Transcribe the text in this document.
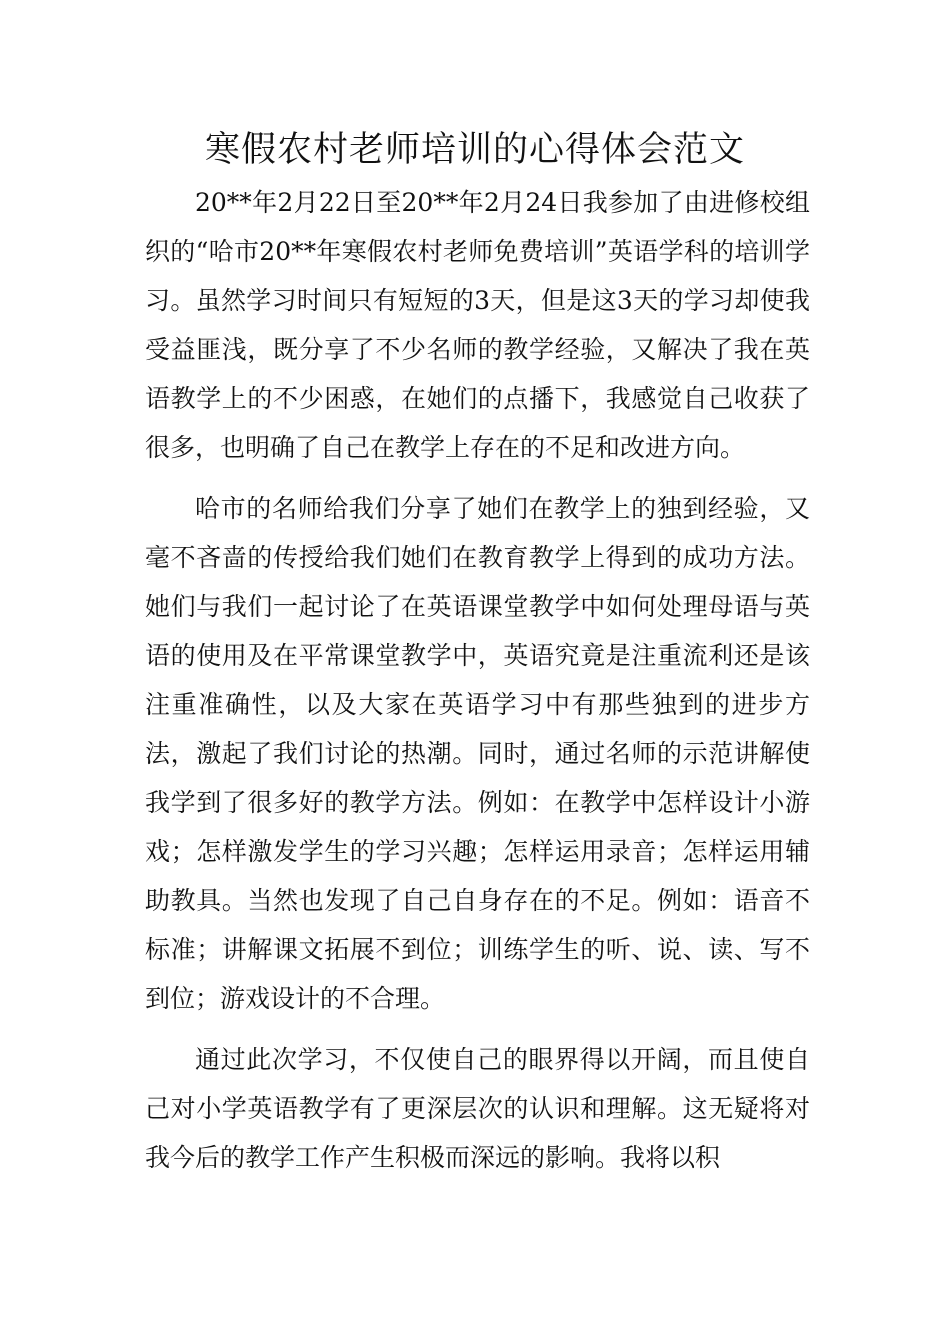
寒假农村老师培训的心得体会范文

20**年2月22日至20**年2月24日我参加了由进修校组织的“哈市20**年寒假农村老师免费培训”英语学科的培训学习。虽然学习时间只有短短的3天，但是这3天的学习却使我受益匪浅，既分享了不少名师的教学经验，又解决了我在英语教学上的不少困惑，在她们的点播下，我感觉自己收获了很多，也明确了自己在教学上存在的不足和改进方向。

哈市的名师给我们分享了她们在教学上的独到经验，又毫不吝啬的传授给我们她们在教育教学上得到的成功方法。她们与我们一起讨论了在英语课堂教学中如何处理母语与英语的使用及在平常课堂教学中，英语究竟是注重流利还是该注重准确性，以及大家在英语学习中有那些独到的进步方法，激起了我们讨论的热潮。同时，通过名师的示范讲解使我学到了很多好的教学方法。例如：在教学中怎样设计小游戏；怎样激发学生的学习兴趣；怎样运用录音；怎样运用辅助教具。当然也发现了自己自身存在的不足。例如：语音不标准；讲解课文拓展不到位；训练学生的听、说、读、写不到位；游戏设计的不合理。

通过此次学习，不仅使自己的眼界得以开阔，而且使自己对小学英语教学有了更深层次的认识和理解。这无疑将对我今后的教学工作产生积极而深远的影响。我将以积
